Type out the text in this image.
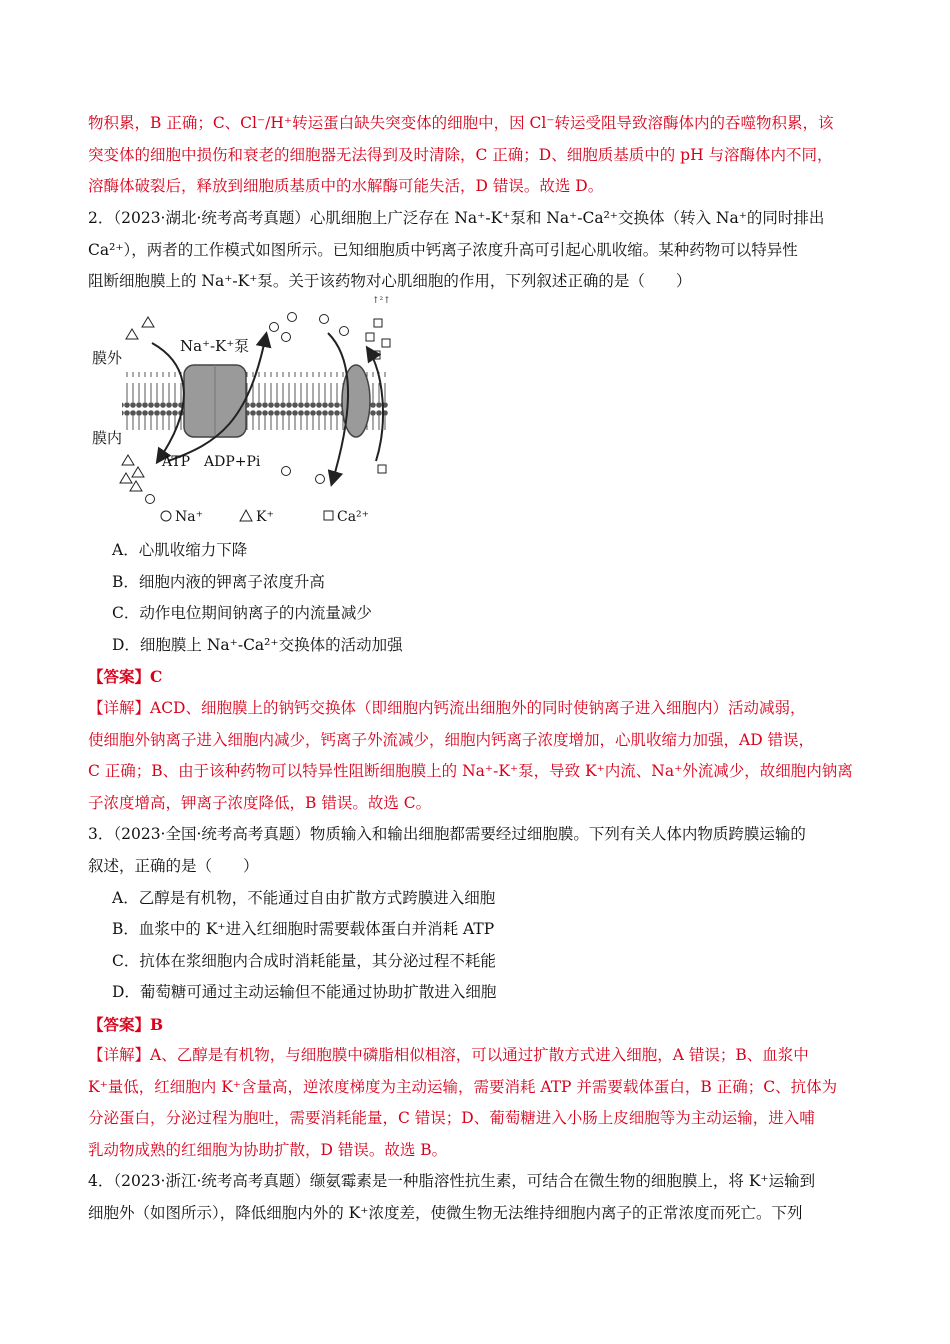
物积累，B 正确；C、Cl⁻/H⁺转运蛋白缺失突变体的细胞中，因 Cl⁻转运受阻导致溶酶体内的吞噬物积累，该
突变体的细胞中损伤和衰老的细胞器无法得到及时清除，C 正确；D、细胞质基质中的 pH 与溶酶体内不同，
溶酶体破裂后，释放到细胞质基质中的水解酶可能失活，D 错误。故选 D。
2．（2023·湖北·统考高考真题）心肌细胞上广泛存在 Na⁺-K⁺泵和 Na⁺-Ca²⁺交换体（转入 Na⁺的同时排出
Ca²⁺），两者的工作模式如图所示。已知细胞质中钙离子浓度升高可引起心肌收缩。某种药物可以特异性
阻断细胞膜上的 Na⁺-K⁺泵。关于该药物对心肌细胞的作用，下列叙述正确的是（　　）
↑²↑
膜外
膜内
Na⁺-K⁺泵
ATP ADP+Pi
Na⁺	K⁺	Ca²⁺
A．心肌收缩力下降
B．细胞内液的钾离子浓度升高
C．动作电位期间钠离子的内流量减少
D．细胞膜上 Na⁺-Ca²⁺交换体的活动加强
【答案】C
【详解】ACD、细胞膜上的钠钙交换体（即细胞内钙流出细胞外的同时使钠离子进入细胞内）活动减弱，
使细胞外钠离子进入细胞内减少，钙离子外流减少，细胞内钙离子浓度增加，心肌收缩力加强，AD 错误，
C 正确；B、由于该种药物可以特异性阻断细胞膜上的 Na⁺-K⁺泵，导致 K⁺内流、Na⁺外流减少，故细胞内钠离
子浓度增高，钾离子浓度降低，B 错误。故选 C。
3．（2023·全国·统考高考真题）物质输入和输出细胞都需要经过细胞膜。下列有关人体内物质跨膜运输的
叙述，正确的是（　　）
A．乙醇是有机物，不能通过自由扩散方式跨膜进入细胞
B．血浆中的 K⁺进入红细胞时需要载体蛋白并消耗 ATP
C．抗体在浆细胞内合成时消耗能量，其分泌过程不耗能
D．葡萄糖可通过主动运输但不能通过协助扩散进入细胞
【答案】B
【详解】A、乙醇是有机物，与细胞膜中磷脂相似相溶，可以通过扩散方式进入细胞，A 错误；B、血浆中
K⁺量低，红细胞内 K⁺含量高，逆浓度梯度为主动运输，需要消耗 ATP 并需要载体蛋白，B 正确；C、抗体为
分泌蛋白，分泌过程为胞吐，需要消耗能量，C 错误；D、葡萄糖进入小肠上皮细胞等为主动运输，进入哺
乳动物成熟的红细胞为协助扩散，D 错误。故选 B。
4．（2023·浙江·统考高考真题）缬氨霉素是一种脂溶性抗生素，可结合在微生物的细胞膜上，将 K⁺运输到
细胞外（如图所示），降低细胞内外的 K⁺浓度差，使微生物无法维持细胞内离子的正常浓度而死亡。下列
